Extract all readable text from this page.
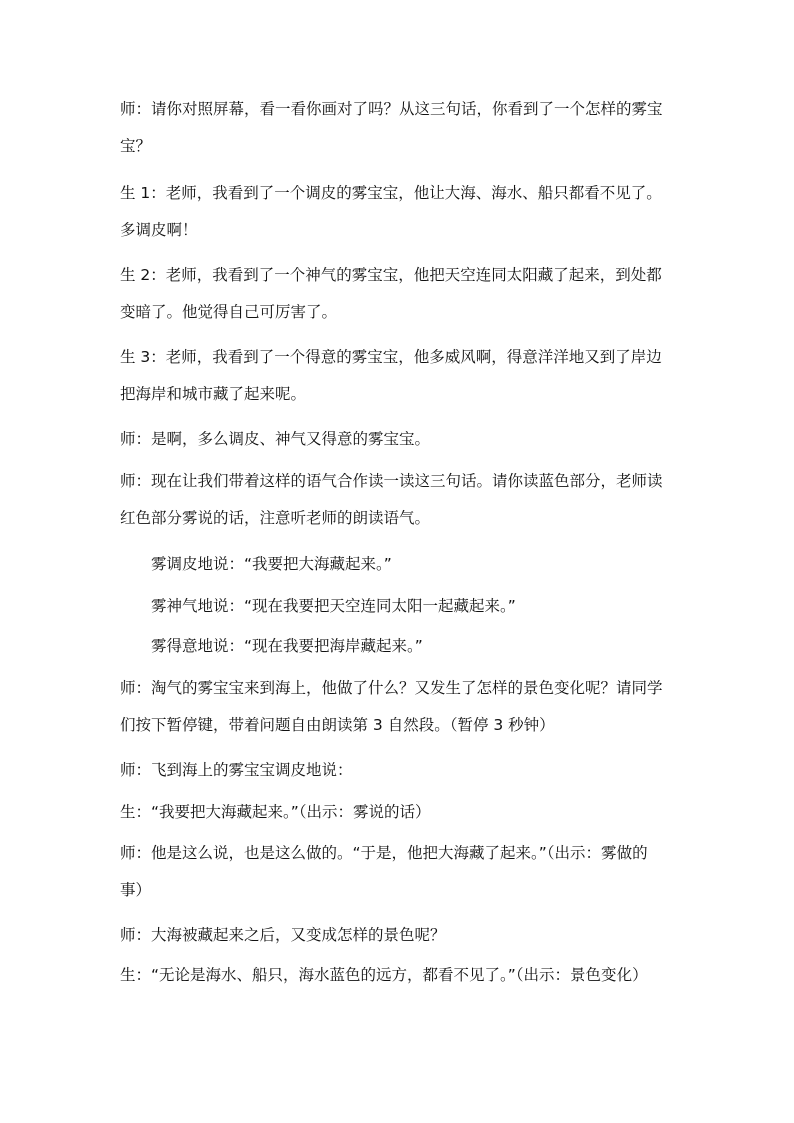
师：请你对照屏幕，看一看你画对了吗？从这三句话，你看到了一个怎样的雾宝
宝？
生 1：老师，我看到了一个调皮的雾宝宝，他让大海、海水、船只都看不见了。
多调皮啊！
生 2：老师，我看到了一个神气的雾宝宝，他把天空连同太阳藏了起来，到处都
变暗了。他觉得自己可厉害了。
生 3：老师，我看到了一个得意的雾宝宝，他多威风啊，得意洋洋地又到了岸边
把海岸和城市藏了起来呢。
师：是啊，多么调皮、神气又得意的雾宝宝。
师：现在让我们带着这样的语气合作读一读这三句话。请你读蓝色部分，老师读
红色部分雾说的话，注意听老师的朗读语气。
雾调皮地说：“我要把大海藏起来。”
雾神气地说：“现在我要把天空连同太阳一起藏起来。”
雾得意地说：“现在我要把海岸藏起来。”
师：淘气的雾宝宝来到海上，他做了什么？又发生了怎样的景色变化呢？请同学
们按下暂停键，带着问题自由朗读第 3 自然段。（暂停 3 秒钟）
师：飞到海上的雾宝宝调皮地说：
生：“我要把大海藏起来。”（出示：雾说的话）
师：他是这么说，也是这么做的。“于是，他把大海藏了起来。”（出示：雾做的
事）
师：大海被藏起来之后，又变成怎样的景色呢？
生：“无论是海水、船只，海水蓝色的远方，都看不见了。”（出示：景色变化）
